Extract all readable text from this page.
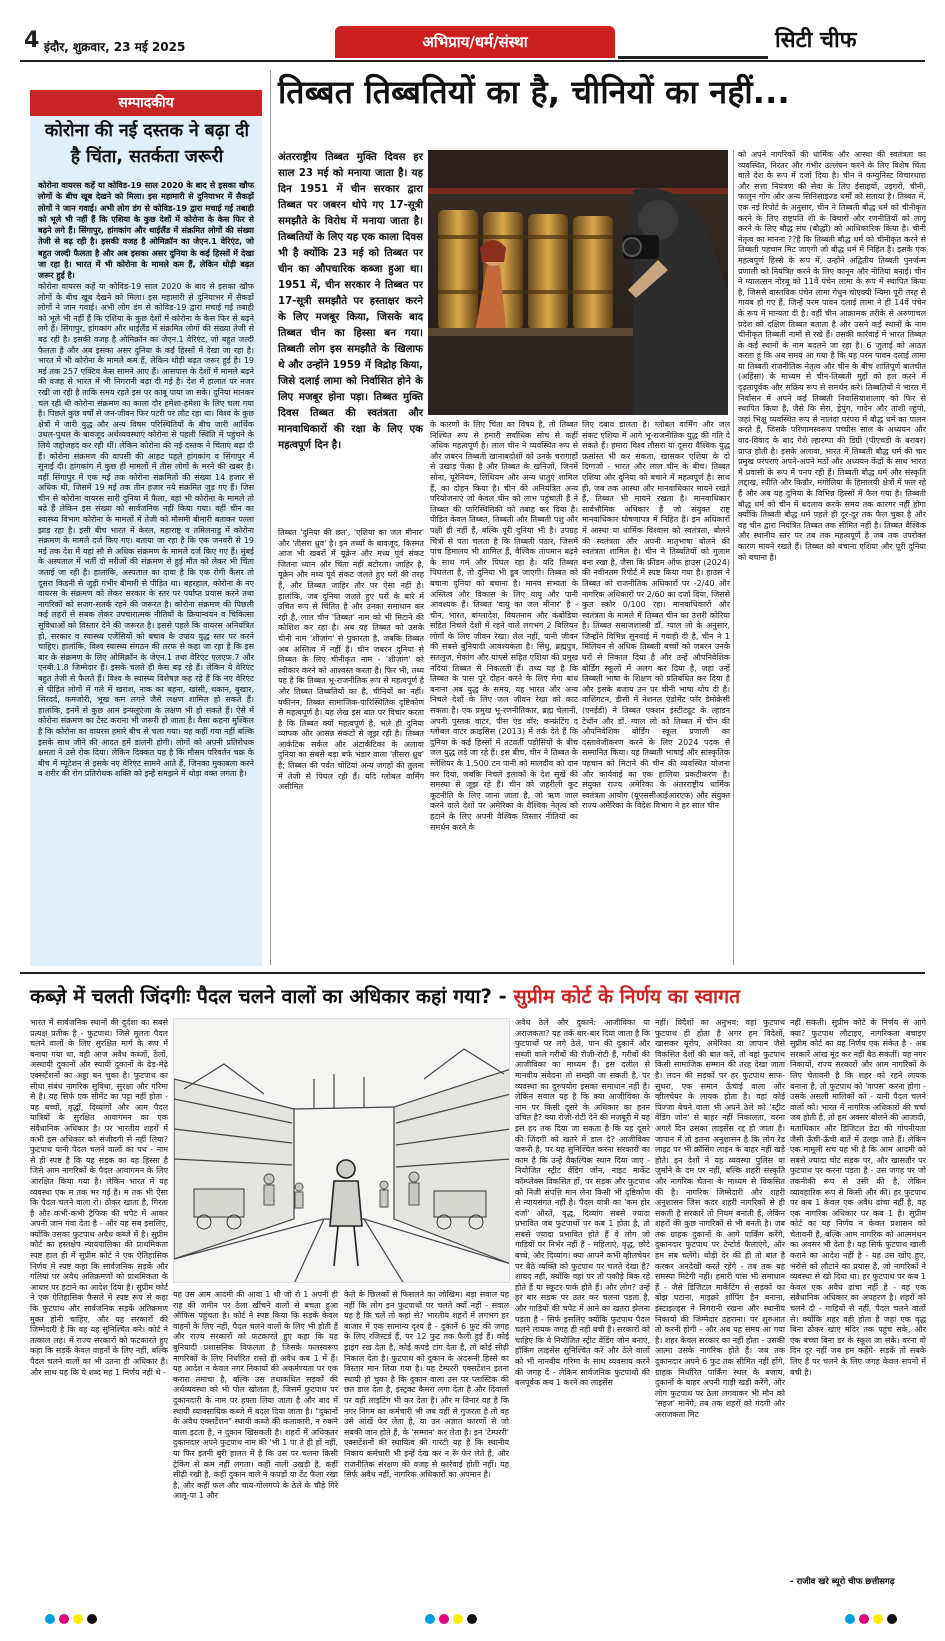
4 इंदौर, शुक्रवार, 23 मई 2025	अभिप्राय/धर्म/संस्था	सिटी चीफ
सम्पादकीय
कोरोना की नई दस्तक ने बढ़ा दी है चिंता, सतर्कता जरूरी
कोरोना वायरस कहें या कोविड-19 साल 2020 के बाद से इसका खौफ लोगों के बीच खूब देखने को मिला। इस महामारी से दुनियाभर में सैकड़ों लोगों ने जान गवाई। अभी लोग डंग से कोविड-19 द्वारा मचाई गई तबाही को भूले भी नहीं हैं कि एशिया के कुछ देशों में कोरोना के केस फिर से बढ़ने लगे हैं। सिंगापुर, हांगकांग और थाईलैंड में संक्रमित लोगों की संख्या तेजी से बढ़ रही है। इसकी वजह है ओमिक्रॉन का जेएन.1 वेरिएंट, जो बहुत जल्दी फैलता है और अब इसका असर दुनिया के कई हिस्सों में देखा जा रहा है। भारत में भी कोरोना के मामले कम हैं, लेकिन थोड़ी बढ़त जरूर हुई है।
कोरोना वायरस कहें या कोविड-19 साल 2020 के बाद से इसका खौफ लोगों के बीच खूब देखने को मिला। इस महामारी से दुनियाभर में सैकड़ों लोगों ने जान गवाई। अभी लोग डंग से कोविड-19 द्वारा मचाई गई तबाही को भूले भी नहीं हैं कि एशिया के कुछ देशों में कोरोना के केस फिर से बढ़ने लगे हैं। सिंगापुर, हांगकांग और थाईलैंड में संक्रमित लोगों की संख्या तेजी से बढ़ रही है। इसकी वजह है ओमिक्रॉन का जेएन.1 वेरिएंट, जो बहुत जल्दी फैलता है और अब इसका असर दुनिया के कई हिस्सों में देखा जा रहा है। भारत में भी कोरोना के मामले कम हैं, लेकिन थोड़ी बढ़त जरूर हुई है। 19 मई तक 257 एक्टिव केस सामने आए हैं। आसपास के देशों में मामले बढ़ने की वजह से भारत में भी निगरानी बढ़ा दी गई है। देश में हालात पर नजर रखी जा रही है ताकि समय रहते इस पर काबू पाया जा सके। दुनिया मानकर चल रही थी कोरोना संक्रमण का काला दौर हमेशा-हमेशा के लिए चला गया है। पिछले कुछ वर्षों से जन-जीवन फिर पटरी पर लौट रहा था। विश्व के कुछ क्षेत्रों में जारी युद्ध और अन्य विषम परिस्थितियों के बीच जारी आर्थिक उथल-पुथल के बावजूद अर्थव्यवस्थाएं कोरोना से पहली स्थिति में पहुंचने के लिये जद्दोजहद कर रही थीं। लेकिन कोरोना की नई दस्तक ने चिंताएं बढ़ा दी हैं। कोरोना संक्रमण की वापसी की आहट पहले हांगकांग व सिंगापुर में सुनाई दी। हांगकांग में कुछ ही मामलों में तीस लोगों के मरने की खबर है। वहीं सिंगापुर में एक मई तक कोरोना संक्रमितों की संख्या 14 हजार से अधिक थी, जिसमें 19 मई तक तीन हजार नये संक्रमित जुड़ गए हैं। जिस चीन से कोरोना वायरस सारी दुनिया में फैला, वहां भी कोरोना के मामले तो बढ़े हैं लेकिन इस संख्या को सार्वजनिक नहीं किया गया। वहीं चीन का स्वास्थ्य विभाग कोरोना के मामलों में तेजी को मौसमी बीमारी बताकर पल्ला झाड़ रहा है। इसी बीच भारत में केरल, महाराष्ट्र व तमिलनाडु में कोरोना संक्रमण के मामले दर्ज किए गए। बताया जा रहा है कि एक जनवरी से 19 मई तक देश में यहां सौ से अधिक संक्रमण के मामले दर्ज किए गए हैं। मुंबई के अस्पताल में भर्ती दो मरीजों की संक्रमण से हुई मौत को लेकर भी चिंता जताई जा रही है। हालांकि, अस्पताल का दावा है कि एक रोगी कैंसर तो दूसरा किडनी से जुड़ी गंभीर बीमारी से पीड़ित था। बहरहाल, कोरोना के नए वायरस के संक्रमण को लेकर सरकार के स्तर पर पर्याप्त प्रयास करने तथा नागरिकों को सजग-सतर्क रहने की जरूरत है। कोरोना संक्रमण की पिछली कई लहरों से सबक लेकर उपचारात्मक नीतियों के क्रियान्वयन व चिकित्सा सुविधाओं को विस्तार देने की जरूरत है। इससे पहले कि वायरस अनियंत्रित हो, सरकार व स्वास्थ्य एजेंसियों को बचाव के उपाय युद्ध स्तर पर करने चाहिए। हालांकि, विश्व स्वास्थ्य संगठन की तरफ से कहा जा रहा है कि इस बार के संक्रमण के लिए ओमिक्रॉन के जेएन.1 तथा वेरिएंट एलएफ.7 और एनबी.1.8 जिम्मेदार हैं। इसके चलते ही केस बढ़ रहे हैं। लेकिन ये वेरिएंट बहुत तेजी से फैलते हैं। विश्व के स्वास्थ्य विशेषज्ञ कह रहे हैं कि नए वेरिएंट से पीड़ित लोगों में गले में खराश, नाक का बहना, खांसी, थकान, बुखार, सिरदर्द, कमजोरी, भूख कम लगने जैसे लक्षण शामिल हो सकते हैं। हालांकि, इनमें से कुछ आम इन्फ्लूएंजा के लक्षण भी हो सकते हैं। ऐसे में कोरोना संक्रमण का टेस्ट कराना भी जरूरी हो जाता है। वैसा कहना मुश्किल है कि कोरोना का वायरस हमारे बीच से चला गया। यह कहीं गया नहीं बल्कि इसके साथ जीने की आदत हमें डालनी होगी। लोगों को अपनी प्रतिरोधक क्षमता ने उसे रोक दिया। लेकिन दिक्कत यह है कि मौसम परिवर्तन चक्र के बीच में म्यूटेशन से इसके नए वेरिएंट सामने आते हैं, जिनका मुकाबला करने व शरीर की रोग प्रतिरोधक शक्ति को इन्हें समझने में थोड़ा वक्त लगता है।
तिब्बत तिब्बतियों का है, चीनियों का नहीं...
अंतरराष्ट्रीय तिब्बत मुक्ति दिवस हर साल 23 मई को मनाया जाता है। यह दिन 1951 में चीन सरकार द्वारा तिब्बत पर जबरन थोपे गए 17-सूत्री समझौते के विरोध में मनाया जाता है। तिब्बतियों के लिए यह एक काला दिवस भी है क्योंकि 23 मई को तिब्बत पर चीन का औपचारिक कब्जा हुआ था। 1951 में, चीन सरकार ने तिब्बत पर 17-सूत्री समझौते पर हस्ताक्षर करने के लिए मजबूर किया, जिसके बाद तिब्बत चीन का हिस्सा बन गया। तिब्बती लोग इस समझौते के खिलाफ थे और उन्होंने 1959 में विद्रोह किया, जिसे दलाई लामा को निर्वासित होने के लिए मजबूर होना पड़ा। तिब्बत मुक्ति दिवस तिब्बत की स्वतंत्रता और मानवाधिकारों की रक्षा के लिए एक महत्वपूर्ण दिन है।
तिब्बत 'दुनिया की छत', 'एशिया का जल मीनार' और 'तीसरा ध्रुव' है। इन तथ्यों के बावजूद, किस्मत आज भी खबरों में यूक्रेन और मध्य पूर्व संकट जितना ध्यान और चिंता नहीं बटोरता। जाहिर है, यूक्रेन और मध्य पूर्व संकट जलते हुए घरों की तरह हैं, और तिब्बत जाहिर तौर पर ऐसा नहीं है। हालांकि, जब दुनिया जलते हुए घरों के बारे में उचित रूप से चिंतित है और उनका समाधान कर रही है, लाल चीन 'तिब्बत' नाम को भी मिटाने की कोशिश कर रहा है। अब यह तिब्बत को उसके चीनी नाम 'शीज़ांग' से पुकारता है, जबकि तिब्बत अब अस्तित्व में नहीं है। चीन जबरन दुनिया से तिब्बत के लिए चीनीकृत नाम - 'शीज़ांग' को स्वीकार करने को आश्वस्त करता है। फिर भी, तथ्य यह है कि तिब्बत भू-राजनीतिक रूप से महत्वपूर्ण है और तिब्बत तिब्बतियों का है, चीनियों का नहीं। यकीनन, तिब्बत सामाजिक-पारिस्थितिक दृष्टिकोण से महत्वपूर्ण है। यह लेख इस बात पर विचार करता है कि तिब्बत क्यों महत्वपूर्ण है, भले ही दुनिया व्यापक और आसन्न संकटों से जूझ रही है। तिब्बत आर्कटिक सर्कल और अंटार्कटिका के अलावा दुनिया का सबसे बड़ा बर्फ भंडार वाला 'तीसरा ध्रुव' है; तिब्बत की पर्वत चोटियां अन्य जगहों की तुलना में तेजी से पिघल रही हैं। यदि ग्लोबल वार्मिंग असीमित
के कारणों के लिए चिंता का विषय है, तो तिब्बत निश्चित रूप से हमारी सर्वाधिक सोच से कहीं अधिक महत्वपूर्ण है। लाल चीन ने व्यवस्थित रूप से और जबरन तिब्बती खानाबदोशों को उनके चरागाहों से उखाड़ फेंका है और तिब्बत के खनिजों, जिनमें सोना, यूरेनियम, लिथियम और अन्य धातुएं शामिल हैं, का दोहन किया है। चीन की अनियंत्रित अन्य परियोजनाएं जो केवल चीन को लाभ पहुंचाती हैं ने तिब्बत की पारिस्थितिकी को तबाह कर दिया है। पीड़ित केवल तिब्बत, तिब्बती और तिब्बती पशु और पक्षी ही नहीं हैं, बल्कि पूरी दुनिया भी है। उपग्रह चित्रों से पता चलता है कि तिब्बती पठार, जिसमें पांच हिमालय भी शामिल हैं, वैश्विक तापमान बढ़ने के साथ गर्म और पिघल रहा है। यदि तिब्बत पिघलता है, तो दुनिया भी डूब जाएगी। तिब्बत को बचाना दुनिया को बचाना है। मानव सभ्यता के अस्तित्व और विकास के लिए वायु और पानी आवश्यक हैं। तिब्बत 'वायु का जल मीनार' है - चीन, भारत, बांग्लादेश, वियतनाम और कंबोडिया सहित निचले देशों में रहने वाले लगभग 2 बिलियन लोगों के लिए जीवन रेखा। तेल नहीं, पानी जीवन की सबसे बुनियादी आवश्यकता है। सिंधु, ब्रह्मपुत्र, सतलुज, मेकांग और यांग्त्से सहित एशिया की प्रमुख नदियां तिब्बत से निकलती हैं। तथ्य यह है कि तिब्बत के पास पूरे दोहन करने के लिए मेगा बांध बनाना अब युद्ध के समय, यह भारत और अन्य निचले देशों के लिए जल जीवन रेखा को काट सकता है। एक प्रमुख भू-रणनीतिकार, ब्रह्म चेलानी, अपनी पुस्तक वाटर, पीस एंड वॉर: कन्फ्रंटिंग द ग्लोबल वाटर क्राइसिस (2013) में तर्क देते हैं कि दुनिया के कई हिस्सों में तटवर्ती पड़ोसियों के बीच जल युद्ध लड़े जा रहे हैं। इस बीच, चीन ने तिब्बत के स्लेशियर के 1,500 टन पानी को मालदीव को दान कर दिया, जबकि निचले इलाकों के देश सूखे की समस्या से जूझ रहे हैं। चीन को जहरीली कूट कूटनीति के लिए जाना जाता है, जो ऋण जाल करने वाले देशों पर अमेरिका के वैश्विक नेतृत्व को हटाने के लिए अपनी वैश्विक विस्तार नीतियों का समर्थन करने के
लिए दबाव डालता है। ग्लोबल वार्मिंग और जल संकट एशिया में आगे भू-राजनीतिक युद्ध की गति दे सकते हैं। हमारा विश्व तौसरा या दूसरा वैश्विक युद्ध फ़सांस्त भी कर सकता, खासकर एशिया के दो दिग्गजों - भारत और लाल चीन के बीच। तिब्बत एशिया और दुनिया को बचाने में महत्वपूर्ण है। साथ ही, जब तक आस्था और मानवाधिकार मायने रखते हैं, तिब्बत भी मायने रखता है। मानवाधिकार सार्वभौमिक अधिकार हैं जो संयुक्त राष्ट्र मानवाधिकार घोषणापत्र में निहित हैं। इन अधिकारों में आस्था या धार्मिक विश्वास को स्वतंत्रता, बोलने की स्वतंत्रता और अपनी मातृभाषा बोलने की स्वतंत्रता शामिल है। चीन ने तिब्बतियों को गुलाम बना रखा है, जैसा कि फ्रीडम ऑफ हाउस (2024) की नवीनतम रिपोर्ट में स्पष्ट किया गया है। हाउस ने तिब्बत को राजनीतिक अधिकारों पर -2/40 और नागरिक अधिकारों पर 2/60 का दर्जा दिया, जिससे कुल स्कोर 0/100 रहा। मानवाधिकारों और स्वतंत्रता के मामले में तिब्बत चीन का उत्तरी कोरिया है। तिब्बत समाजशास्त्री डॉ. ग्याल लो के अनुसार, जिन्होंने विभिन्न सुनवाई में गवाही दी है, चीन ने 1 मिलियन से अधिक तिब्बती बच्चों को जबरन उनके घरों से निकाल दिया है और उन्हें औपनिवेशिक बोर्डिंग स्कूलों में अलग कर दिया है, जहां उन्हें तिब्बती भाषा के शिक्षण को प्रतिबंधित कर दिया है और इसके बजाय उन पर चीनी भाषा थोप दी है। वाशिंगटन, डीसी में नेशनल एंडोमेंट फॉर डेमोक्रेसी (एनईडी) ने तिब्बत एक्शन इंस्टीट्यूट के ल्हाडन टेथॉन और डॉ. ग्याल लो को तिब्बत में चीन की औपनिवेशिक बोर्डिंग स्कूल प्रणाली का दस्तावेजीकरण करने के लिए 2024 पदक से सम्मानित किया। यह तिब्बती भाषाई और सांस्कृतिक पहचान को मिटाने की चीन की व्यवस्थित योजना और कार्यवाई का एक हालिया प्रकटीकरण है। संयुक्त राज्य अमेरिका के अंतरराष्ट्रीय धार्मिक स्वतंत्रता आयोग (यूएससीआईआरएफ) और संयुक्त राज्य अमेरिका के विदेश विभाग ने हर साल चीन
को अपने नागरिकों की धार्मिक और आस्था की स्वतंत्रता का व्यवस्थित, निरंतर और गंभीर उल्लंघन करने के लिए विशेष चिंता वाले देश के रूप में दर्जा दिया है। चीन ने कम्युनिस्ट विचारधारा और सत्ता नियंत्रण की सेवा के लिए ईसाइयों, उइगरों, चीनी, फालुन गोंग और अन्य सिनिसाइज्ड धर्मों को सताया है। तिब्बत में, एक नई रिपोर्ट के अनुसार, चीन ने तिब्बती बौद्ध धर्म को चीनीकृत करने के लिए राष्ट्रपति शी के विचारों और रणनीतियों को लागू करने के लिए बौद्ध संघ (बौद्धों) को आधिकारिक किया है। चीनी नेतृत्व का मानना ??है कि तिब्बती बौद्ध धर्म को चीनीकृत करने से तिब्बती पहचान मिट जाएगी जो बौद्ध धर्म में निहित है। इसके एक महत्वपूर्ण हिस्से के रूप में, उन्होंने अद्वितीय तिब्बती पुनर्जन्म प्रणाली को नियंत्रित करने के लिए कानून और नीतियां बनाई। चीन ने ग्यालत्सन नोरबू को 11वें पंचेन लामा के रूप में स्थापित किया है, जिससे वास्तविक पंचेन लामा गेधुन चोएक्यी न्यिमा पूरी तरह से गायब हो गए हैं, जिन्हें परम पावन दलाई लामा ने ही 14वें पंचेन के रूप में मान्यता दी है। वहीं चीन आक्रामक तरीके से अरुणाचल प्रदेश को दक्षिण तिब्बत बताता है और उसने कई स्थानों के नाम चीनीकृत तिब्बती नामों से रखे हैं। उसकी कार्रवाई में भारत तिब्बत के कई स्थानों के नाम बदलने जा रहा है। 6 जुलाई को आठत करता हूं कि अब समय आ गया है कि यह परम पावन दलाई लामा या तिब्बती राजनीतिक नेतृत्व और चीन के बीच शांतिपूर्ण बातचीत (अहिंसा) के माध्यम से चीन-तिब्बती मुद्दों को हल करने में दृढ़तापूर्वक और सक्रिय रूप से समर्थन करे। तिब्बतियों ने भारत में निर्वासन में अपने कई तिब्बती निवासियाशालाएं को फिर से स्थापित किया है, जैसे कि सेरा, ड्रेपुंग, गादेन और ताशी ल्हुंपो, जहां भिक्षु व्यवस्थित रूप से नालंदा परंपरा में बौद्ध धर्म का पालन करते हैं, जिसके परिणामस्वरूप पच्चीस साल के अध्ययन और वाद-विवाद के बाद गेशे ल्हारम्पा की डिग्री (पीएचडी के बराबर) प्राप्त होती है। इसके अलावा, भारत में तिब्बती बौद्ध धर्म की चार प्रमुख परंपराएं अपने-अपने मठों और अध्ययन केंद्रों के साथ भारत में प्रवासी के रूप में पनप रही हैं। तिब्बती बौद्ध धर्म और संस्कृति लद्दाख, स्पीति और किन्नौर, मंगोलिया के हिमालयी क्षेत्रों में फल रहे हैं और अब यह दुनिया के विभिन्न हिस्सों में फैल गया है। तिब्बती बौद्ध धर्म को चीन में बदलाव करके समय तक कारगर नहीं होगा क्योंकि तिब्बती बौद्ध धर्म पहले ही दूर-दूर तक फैल चुका है और वह चीन द्वारा नियंत्रित तिब्बत तक सीमित नहीं है। तिब्बत वैश्विक और स्थानीय स्तर पर तब तक महत्वपूर्ण है जब तक उपरोक्त कारण मायने रखते हैं। तिब्बत को बचाना एशिया और पूरी दुनिया को बचाना है।
कब्ज़े में चलती जिंदगीः पैदल चलने वालों का अधिकार कहां गया? - सुप्रीम कोर्ट के निर्णय का स्वागत
भारत में सार्वजनिक स्थानों की दुर्दशा का सबसे प्रत्यक्ष प्रतीक है - फुटपाथ। जिसे मूलतः पैदल चलने वालों के लिए सुरक्षित मार्ग के रूप में बनाया गया था, वही आज अवैध कब्जों, ठेलों, अस्थायी दुकानों और स्थायी दुकानों के ढेड़-मेढ़े एक्सटेंशनों का अड्डा बन चुका है। फुटपाथ का सीधा संबंध नागरिक सुविधा, सुरक्षा और गरिमा से है। यह सिर्फ एक सीमेंट का पट्टा नहीं होता - यह बच्चों, वृद्धों, दिव्यांगों और आम पैदल यात्रियों के सुरक्षित आवागमन का एक संवैधानिक अधिकार है। पर भारतीय शहरों में कभी इस अधिकार को संजीदगी से नहीं लिया? फुटपाथ यानी पैदल चलने वालों का पथ - नाम से ही स्पष्ट है कि यह सड़क का वह हिस्सा है जिसे आम नागरिकों के पैदल आवागमन के लिए आरक्षित किया गया है। लेकिन भारत में यह व्यवस्था एक म तक भर गई है। म तक भी ऐसा कि पैदल चलने वाला रो। ठोकर खाता है, गिरता है और कभी-कभी ट्रैफिक की चपेट में आकर अपनी जान गंवा देता है - और यह सब इसलिए, क्योंकि उसका फुटपाथ अवैध कब्‍जे में है। सुप्रीम कोर्ट का हस्तक्षेप न्यायपालिका की प्राथमिकता स्पष्ट हाल ही में सुप्रीम कोर्ट ने एक ऐतिहासिक निर्णय में स्पष्ट कहा कि सार्वजनिक सड़कें और गलियां पर अवैध अतिक्रमणों को प्राथमिकता के आधार पर हटाने का आदेश दिया है। सुप्रीम कोर्ट ने एक ऐतिहासिक फैसले में स्पष्ट रूप से कहा कि फुटपाथ और सार्वजनिक सड़कें अतिक्रमण मुक्त होनी चाहिए, और यह सरकारों की जिम्मेदारी है कि वह यह सुनिश्चित करे। कोर्ट ने तत्काल लह। में राज्य सरकारों को फटकारते हुए कहा कि सड़कें केवल वाहनों के लिए नहीं, बल्कि पैदल चलने वालों का भी उतना ही अधिकार है। और साथ यह कि ये शब्द मह 1 निर्णय नहीं थे -
यह उस आम आदमी की आवा 1 थी जो रो 1 अपनी ही राह की जमीन पर ठेला खींचने वालों से बचता हुआ ऑफिस पहुंचता है। कोर्ट ने स्पष्ट किया कि सड़कें केवल वाहनों के लिए नहीं, पैदल चलने वालों के लिए भी होती हैं और राज्य सरकारों को फटकारते हुए कहा कि यह बुनियादी प्रशासनिक विफलता है जिसके फलस्वरूप नागरिकों के लिए निर्धारित रास्ते ही अवैध कब 1 में हैं। यह आदेश न केवल नगर निकायों की अकर्मण्यता पर एक करारा तमाचा है, बल्कि उस तथाकथित सड़कों की अर्थव्यवस्था को भी पोल खोलता है, जिसमें फुटपाथ पर दुकानदारी के नाम पर हफ्ता लिया जाता है और बाद में स्थायी व्यावसायिक कब्जे में बदल दिया जाता है। "दुकानों के अवैध एक्सटेंशन" स्थायी कब्जे की कलाकारी, न रुकने वाला इटता है, न दुकान खिसकती है। शहरों में अधिकतर दुकानदार अपने फुटपाथ नाम की 'भी 1 पा ते ही हों नहीं, या फिर इतनी बुरी हालत में है कि उस पर चलना किसी ट्रेकिंग से कम नहीं लगता। कहीं नाली उखड़ी है, कहीं सीढ़ी रखी है, कहीं दुकान वाले ने कपड़ों या टेंट फैला रखा है, और कहीं फल और चाय-गोलगप्पे के ठेले के चौड़े गिरे आलू-पा 1 और
केले के छिलकों से फिसलने का जोखिम। बड़ा सवाल यह नहीं कि लोग इन फुटपाथों पर चलते क्यों नहीं - सवाल यह है कि चलें तो कहां से? भारतीय शहरों में लगभग हर बाजार में एक सामान्य दृश्य है - दुकानें 6 फुट की जगह के लिए रजिस्टर्ड हैं, पर 12 फुट तक फैली हुई हैं। कोई ड्राइंग रख देता है, कोई कपड़े टांग देता है, तो कोई सीढ़ी निकाल देता है। फुटपाथ को दुकान के अंदरूनी हिस्से का विस्तार मान लिया गया है। यह टेम्पररी एक्सटेंशन इतना स्थायी हो चुका है कि दुकान वाला उस पर प्लास्टिक की छत डाल देता है, इंस्ट्रक्ट कैमरा लगा देता है और दिवालों पर वहीं लाइटिंग भी कर देता है। और म विनार यह है कि नगर निगम का कर्मचारी भी जब वहीं से गुजरता है तो वह उसे आंखें फेर लेता है, या उन अज्ञात कारणों से जो सबकी जान होते हैं, के 'सम्मान' कर लेता है। इन 'टेम्पररी' एक्सटेंशनों की स्थायित्व की गारंटी यह है कि स्थानीय निकाय कर्मचारी भी इन्हें देख कर न रूँ फेर लेते हैं, और राजनीतिक संरक्षण की वजह से कार्रवाई होती नहीं। यह सिर्फ अवैध नहीं, नागरिक अधिकारों का अपमान है।
अवैध ठेले और दुकानें: आजीविका या अराजकता? यह तर्क बार-बार दिया जाता है कि फुटपाथों पर लगे ठेले, पान की दुकानें और सब्जी वाले गरीबों की रोजी-रोटी हैं, गरीबों की आजीविका का माध्यम हैं। इस दलील से मानवीय संवेदना तो समझी जा सकती है, पर व्यवस्था का दुरुपयोग इसका समाधान नहीं है। लेकिन सवाल यह है कि क्या आजीविका के नाम पर किसी दूसरे के अधिकार का हनन उचित है? क्या रोजी-रोटी देने की मजबूरी में यह इस हद तक दिया जा सकता है कि यह दूसरे की जिंदगी को खतरे में डाल दे? आजीविका जरूरी है, पर यह सुनिश्चित करना सरकारों का काम है कि उन्हें वैकल्पिक स्थान दिया जाए - नियोजित स्ट्रीट वेंडिंग जोन, नाइट मार्केट कॉम्प्लेक्स विकसित हों, पर सड़क और फुटपाथ को निजी संपत्ति मान लेना किसी भी दृष्टिकोण से न्यायसंगत नहीं है। पैदल यात्री का 'कम होर दर्जा' औरतें, वृद्ध, दिव्यांग सबसे ज्यादा प्रभावित जब फुटपाथों पर कब 1 होता है, तो सबसे ज्यादा प्रभावित होते हैं वे लोग जो गाड़ियों पर निर्भर नहीं हैं - महिलाएं, वृद्ध, छोटे बच्चे, और दिव्यांग। क्या आपने कभी व्हीलचेयर पर बैठे व्यक्ति को फुटपाथ पर चलते देखा है? शायद नहीं, क्योंकि वहां पर तो पकौड़े बिक रहे होते हैं या स्कूटर पार्क होते हैं। और लोग? उन्हें हर बार सड़क पर उतर कर चलना पड़ता है, और गाड़ियों की चपेट में आने का खतरा झेलना पड़ता है - सिर्फ इसलिए क्योंकि फुटपाथ पैदल चलने लायक जगह ही नहीं बची है। सरकारों को चाहिए कि वे नियोजित स्ट्रीट वेंडिंग जोन बनाएं, हॉकिंग लाइसेंस सुनिश्चित करें और ठेले वालों को भी मानवीय गरिमा के साथ व्यवसाय करने की जगह दें - लेकिन सार्वजनिक फुटपाथों की बलपूर्वक कब 1 करने का लाइसेंस
नहीं। विदेशों का अनुभव: वहां फुटपाथ फुटपाथ ही होता है अगर हम विदेशों, खासकर यूरोप, अमेरिका या जापान जैसे विकसित देशों की बात करें, तो वहां फुटपाथ किसी सामाजिक सम्मान की तरह देखा जाता है। लंदन की सड़कों पर हर फुटपाथ साफ-सुथरा, एक समान ऊँचाई वाला और व्हीलचेयर के लायक होता है। वहां कोई पिज्जा बेचने वाला भी अपने ठेले को 'स्ट्रीट वेंडिंग जोन' से बाहर नहीं निकालता, वरना अगले दिन उसका लाइसेंस रद्द हो जाता है। जापान में तो इतना अनुशासन है कि लोग रेड लाइट पर भी क्रॉसिंग लाइन के बाहर नहीं खड़े होते। इन देशों ने यह व्यवस्था पुलिस या जुर्माने के दम पर नहीं, बल्कि शहरी संस्कृति और नागरिक चेतना के माध्यम से विकसित की है। नागरिक जिम्मेदारी और शहरी अनुशासन जिस कदर शहरी नागरिकों से ही सकती है सरकारें तो नियम बनाती हैं, लेकिन शहरों की कुछ नागरिकों से भी बनती है। जब तक ग्राहक दुकानों के आगे पार्किंग करेंगे, दुकानदार फुटपाथ पर टेन्टोर्ड फैलाएंगे, और हम सब चलेंगे। थोड़ी देर की ही तो बात है करकर अनदेखी करते रहेंगे - तब तक यह समस्या मिटेगी नहीं। हमारी पास भी समाधान हैं - जैसे डिजिटल मार्केटिंग से सड़कों का बोझ घटाना, माइक्रो शॉपिंग हैन बनाना, इंस्टाइल्ड्स ने निगरानी रखना और स्थानीय निकायों की जिम्मेदार ठहराना। पर शुरुआत तो करनी होगी - और अब यह समय आ गया है। शहर केवल सरकार का नहीं होता - उसकी आत्मा उसके नागरिक होते हैं। जब तक दुकानदार अपने 6 फुट तक सीमित नहीं होंगे, ग्राहक निर्धारित पार्किंग स्थल के बजाय, दुकानों के बाहर अपनी गाड़ी खड़ी करेंगे, और लोग फुटपाथ पर ठेला लगवाकर भी मौन को 'सहज' मानेंगे, तब तक शहरों को गंदगी और अराजकता मिट
नहीं सकती। सुप्रीम कोर्ट के निर्णय से आगे क्या? फुटपाथ लौटाइए, नागरिकता बचाइए सुप्रीम कोर्ट का यह निर्णय एक संकेत है - अब सरकारें आंख मूंद कर नहीं बैठ सकतीं। यह नगर निकायों, राज्य सरकारों और आम नागरिकों के लिए चेतावनी है कि शहर को रहने लायक बनाना है, तो फुटपाथ को 'वापस' करना होगा - उसके असली मालिकों को - यानी पैदल चलने वालों को। भारत में नागरिक अधिकारों की चर्चा जब होती है, तो हम अक्सर बोलने की आजादी, मताधिकार और डिजिटल डेटा की गोपनीयता जैसी ऊँची-ऊँची बातें में उलझ जाते हैं। लेकिन एक मामूली सच यह भी है कि आम आदमी को सबसे ज्यादा चोट सड़क पर, और खासतौर पर फुटपाथ पर करना पड़ता है - उस जगह पर जो तकनीकी रूप से उसी की है, लेकिन व्यावहारिक रूप से किसी और की। हर फुटपाथ पर कब 1 केवल एक अवैध ढांचा नहीं है, वह एक नागरिक अधिकार पर कब 1 है। सुप्रीम कोर्ट का यह निर्णय न केवल प्रशासन को चेतावनी है, बल्कि आम नागरिक को आत्ममंथन का अवसर भी देता है। यह सिर्फ फुटपाथ खाली कराने का आदेश नहीं है - यह उस खोए हुए, भरोसे को लौटाने का प्रयास है, जो नागरिकों ने व्यवस्था से खो दिया था। हर फुटपाथ पर कब 1 केवल एक अवैध ढांचा नहीं है - वह एक संवैधानिक अधिकार का अपहरण है। शहरों को चलने दो - गाड़ियों से नहीं, पैदल चलने वालों से। क्योंकि शहर वही होता है जहां एक वृद्ध बिना ठोकर खाए मंदिर तक पहुंच सके, और एक बच्चा बिना डर के स्कूल जा सके। वरना वो दिन दूर नहीं जब हम कहेंगे- सड़कें तो सबके लिए हैं पर चलने के लिए जगह केवल सपनों में बची है।
- राजीव खरे ब्यूरो चीफ छत्तीसगढ़
